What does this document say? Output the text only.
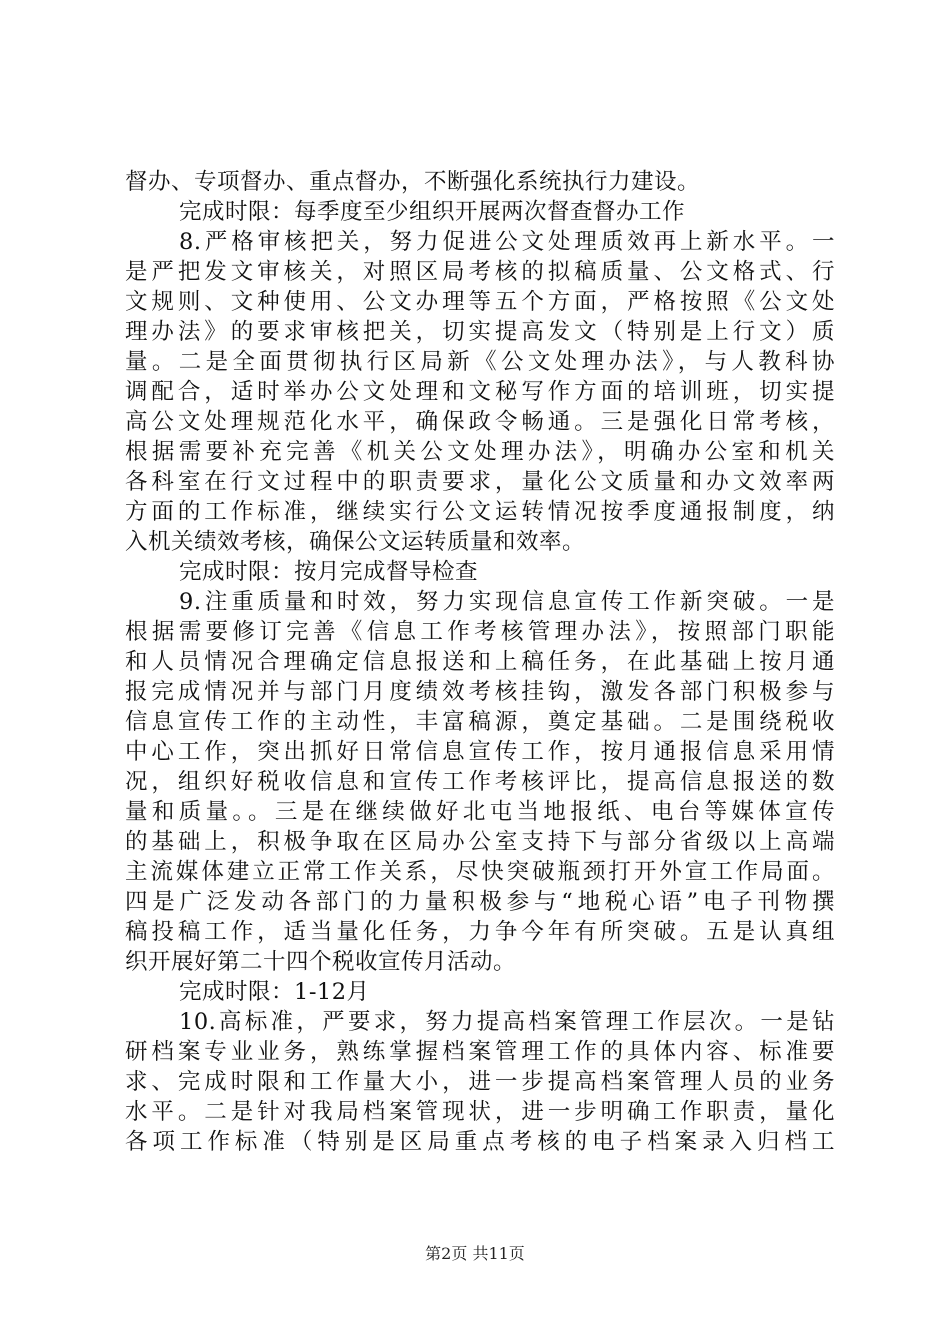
督办、专项督办、重点督办，不断强化系统执行力建设。
完成时限：每季度至少组织开展两次督查督办工作
8.严格审核把关，努力促进公文处理质效再上新水平。一
是严把发文审核关，对照区局考核的拟稿质量、公文格式、行
文规则、文种使用、公文办理等五个方面，严格按照《公文处
理办法》的要求审核把关，切实提高发文（特别是上行文）质
量。二是全面贯彻执行区局新《公文处理办法》，与人教科协
调配合，适时举办公文处理和文秘写作方面的培训班，切实提
高公文处理规范化水平，确保政令畅通。三是强化日常考核，
根据需要补充完善《机关公文处理办法》，明确办公室和机关
各科室在行文过程中的职责要求，量化公文质量和办文效率两
方面的工作标准，继续实行公文运转情况按季度通报制度，纳
入机关绩效考核，确保公文运转质量和效率。
完成时限：按月完成督导检查
9.注重质量和时效，努力实现信息宣传工作新突破。一是
根据需要修订完善《信息工作考核管理办法》，按照部门职能
和人员情况合理确定信息报送和上稿任务，在此基础上按月通
报完成情况并与部门月度绩效考核挂钩，激发各部门积极参与
信息宣传工作的主动性，丰富稿源，奠定基础。二是围绕税收
中心工作，突出抓好日常信息宣传工作，按月通报信息采用情
况，组织好税收信息和宣传工作考核评比，提高信息报送的数
量和质量。。三是在继续做好北屯当地报纸、电台等媒体宣传
的基础上，积极争取在区局办公室支持下与部分省级以上高端
主流媒体建立正常工作关系，尽快突破瓶颈打开外宣工作局面。
四是广泛发动各部门的力量积极参与“地税心语”电子刊物撰
稿投稿工作，适当量化任务，力争今年有所突破。五是认真组
织开展好第二十四个税收宣传月活动。
完成时限：1-12月
10.高标准，严要求，努力提高档案管理工作层次。一是钻
研档案专业业务，熟练掌握档案管理工作的具体内容、标准要
求、完成时限和工作量大小，进一步提高档案管理人员的业务
水平。二是针对我局档案管现状，进一步明确工作职责，量化
各项工作标准（特别是区局重点考核的电子档案录入归档工
第2页 共11页
